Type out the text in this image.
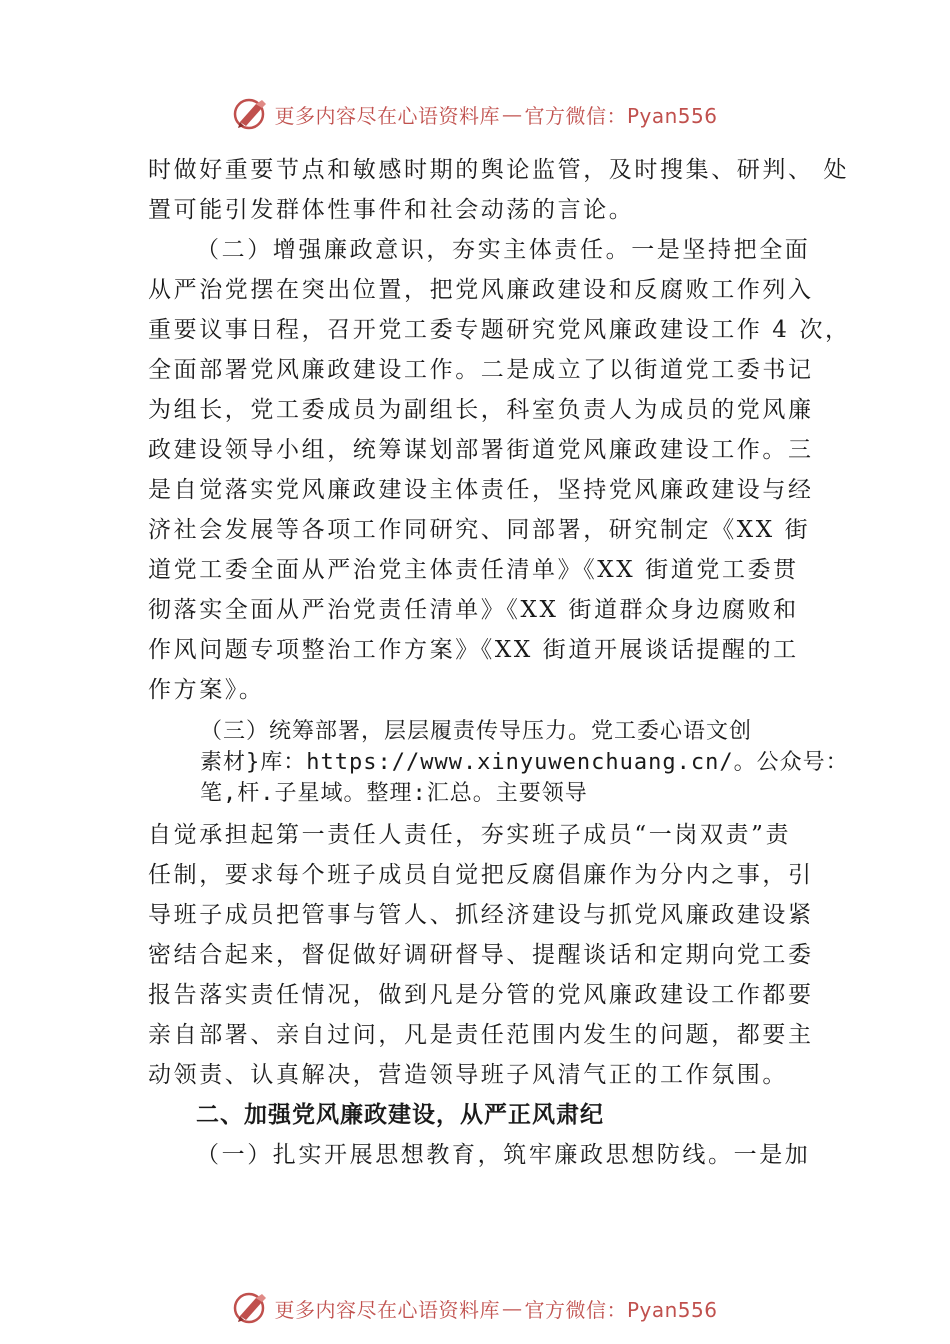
更多内容尽在心语资料库 — 官方微信：Pyan556

时做好重要节点和敏感时期的舆论监管，及时搜集、研判、 处

置可能引发群体性事件和社会动荡的言论。

（二）增强廉政意识，夯实主体责任。一是坚持把全面

从严治党摆在突出位置，把党风廉政建设和反腐败工作列入

重要议事日程，召开党工委专题研究党风廉政建设工作 4 次，

全面部署党风廉政建设工作。二是成立了以街道党工委书记

为组长，党工委成员为副组长，科室负责人为成员的党风廉

政建设领导小组，统筹谋划部署街道党风廉政建设工作。三

是自觉落实党风廉政建设主体责任，坚持党风廉政建设与经

济社会发展等各项工作同研究、同部署，研究制定《XX 街

道党工委全面从严治党主体责任清单》《XX 街道党工委贯

彻落实全面从严治党责任清单》《XX 街道群众身边腐败和

作风问题专项整治工作方案》《XX 街道开展谈话提醒的工

作方案》。

（三）统筹部署，层层履责传导压力。党工委心语文创
素材}库：https://www.xinyuwenchuang.cn/。公众号：
笔,杆.子星域。整理:汇总。主要领导

自觉承担起第一责任人责任，夯实班子成员“一岗双责”责

任制，要求每个班子成员自觉把反腐倡廉作为分内之事，引

导班子成员把管事与管人、抓经济建设与抓党风廉政建设紧

密结合起来，督促做好调研督导、提醒谈话和定期向党工委

报告落实责任情况，做到凡是分管的党风廉政建设工作都要

亲自部署、亲自过问，凡是责任范围内发生的问题，都要主

动领责、认真解决，营造领导班子风清气正的工作氛围。

二、加强党风廉政建设，从严正风肃纪

（一）扎实开展思想教育，筑牢廉政思想防线。一是加

更多内容尽在心语资料库 — 官方微信：Pyan556
